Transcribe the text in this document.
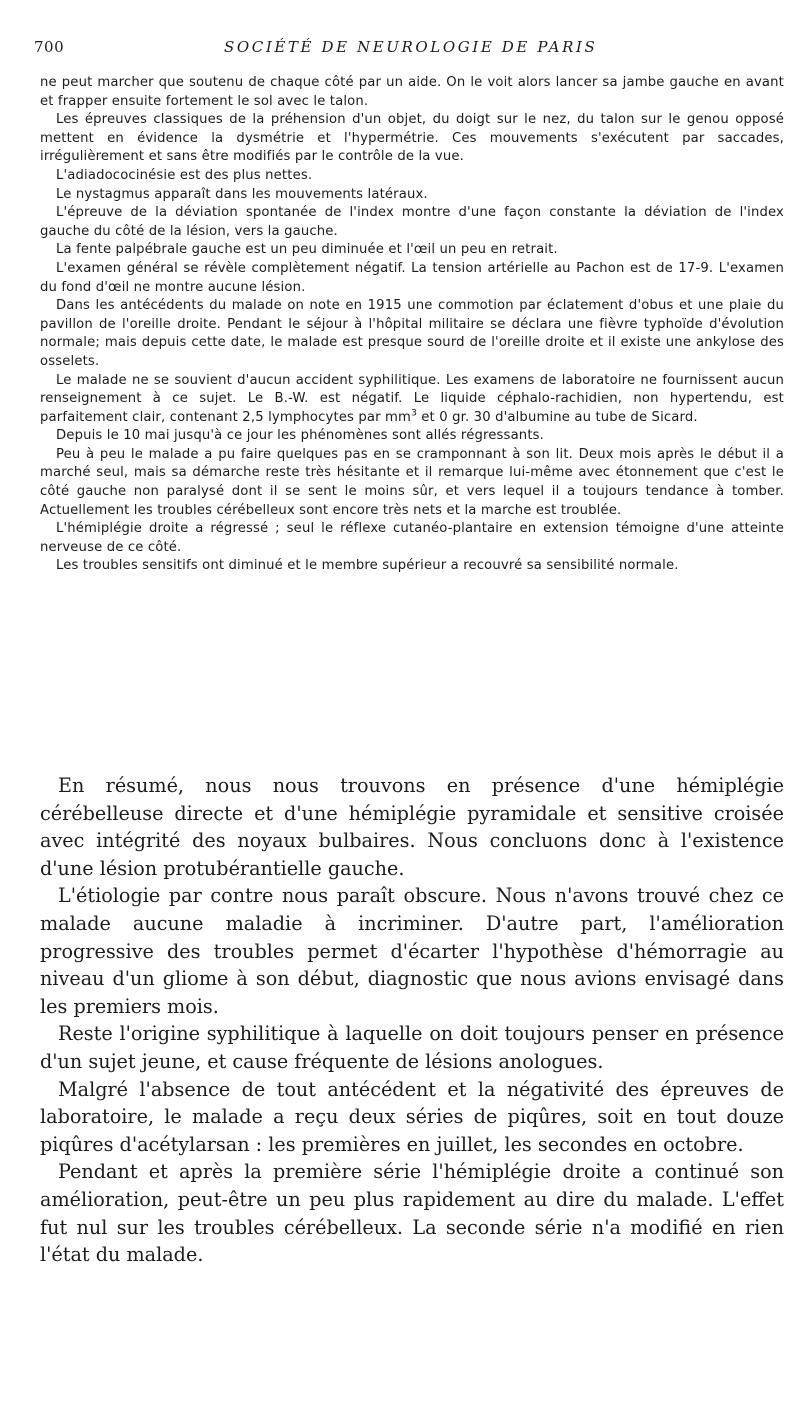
700	SOCIÉTÉ DE NEUROLOGIE DE PARIS

ne peut marcher que soutenu de chaque côté par un aide. On le voit alors lancer sa jambe gauche en avant et frapper ensuite fortement le sol avec le talon.

Les épreuves classiques de la préhension d'un objet, du doigt sur le nez, du talon sur le genou opposé mettent en évidence la dysmétrie et l'hypermétrie. Ces mouvements s'exécutent par saccades, irrégulièrement et sans être modifiés par le contrôle de la vue.

L'adiadococinésie est des plus nettes.

Le nystagmus apparaît dans les mouvements latéraux.

L'épreuve de la déviation spontanée de l'index montre d'une façon constante la déviation de l'index gauche du côté de la lésion, vers la gauche.

La fente palpébrale gauche est un peu diminuée et l'œil un peu en retrait.

L'examen général se révèle complètement négatif. La tension artérielle au Pachon est de 17-9. L'examen du fond d'œil ne montre aucune lésion.

Dans les antécédents du malade on note en 1915 une commotion par éclatement d'obus et une plaie du pavillon de l'oreille droite. Pendant le séjour à l'hôpital militaire se déclara une fièvre typhoïde d'évolution normale; mais depuis cette date, le malade est presque sourd de l'oreille droite et il existe une ankylose des osselets.

Le malade ne se souvient d'aucun accident syphilitique. Les examens de laboratoire ne fournissent aucun renseignement à ce sujet. Le B.-W. est négatif. Le liquide céphalo-rachidien, non hypertendu, est parfaitement clair, contenant 2,5 lymphocytes par $mm^3$ et 0 gr. 30 d'albumine au tube de Sicard.

Depuis le 10 mai jusqu'à ce jour les phénomènes sont allés régressants.

Peu à peu le malade a pu faire quelques pas en se cramponnant à son lit. Deux mois après le début il a marché seul, mais sa démarche reste très hésitante et il remarque lui-même avec étonnement que c'est le côté gauche non paralysé dont il se sent le moins sûr, et vers lequel il a toujours tendance à tomber. Actuellement les troubles cérébelleux sont encore très nets et la marche est troublée.

L'hémiplégie droite a régressé ; seul le réflexe cutanéo-plantaire en extension témoigne d'une atteinte nerveuse de ce côté.

Les troubles sensitifs ont diminué et le membre supérieur a recouvré sa sensibilité normale.

En résumé, nous nous trouvons en présence d'une hémiplégie cérébelleuse directe et d'une hémiplégie pyramidale et sensitive croisée avec intégrité des noyaux bulbaires. Nous concluons donc à l'existence d'une lésion protubérantielle gauche.

L'étiologie par contre nous paraît obscure. Nous n'avons trouvé chez ce malade aucune maladie à incriminer. D'autre part, l'amélioration progressive des troubles permet d'écarter l'hypothèse d'hémorragie au niveau d'un gliome à son début, diagnostic que nous avions envisagé dans les premiers mois.

Reste l'origine syphilitique à laquelle on doit toujours penser en présence d'un sujet jeune, et cause fréquente de lésions anologues.

Malgré l'absence de tout antécédent et la négativité des épreuves de laboratoire, le malade a reçu deux séries de piqûres, soit en tout douze piqûres d'acétylarsan : les premières en juillet, les secondes en octobre.

Pendant et après la première série l'hémiplégie droite a continué son amélioration, peut-être un peu plus rapidement au dire du malade. L'effet fut nul sur les troubles cérébelleux. La seconde série n'a modifié en rien l'état du malade.
